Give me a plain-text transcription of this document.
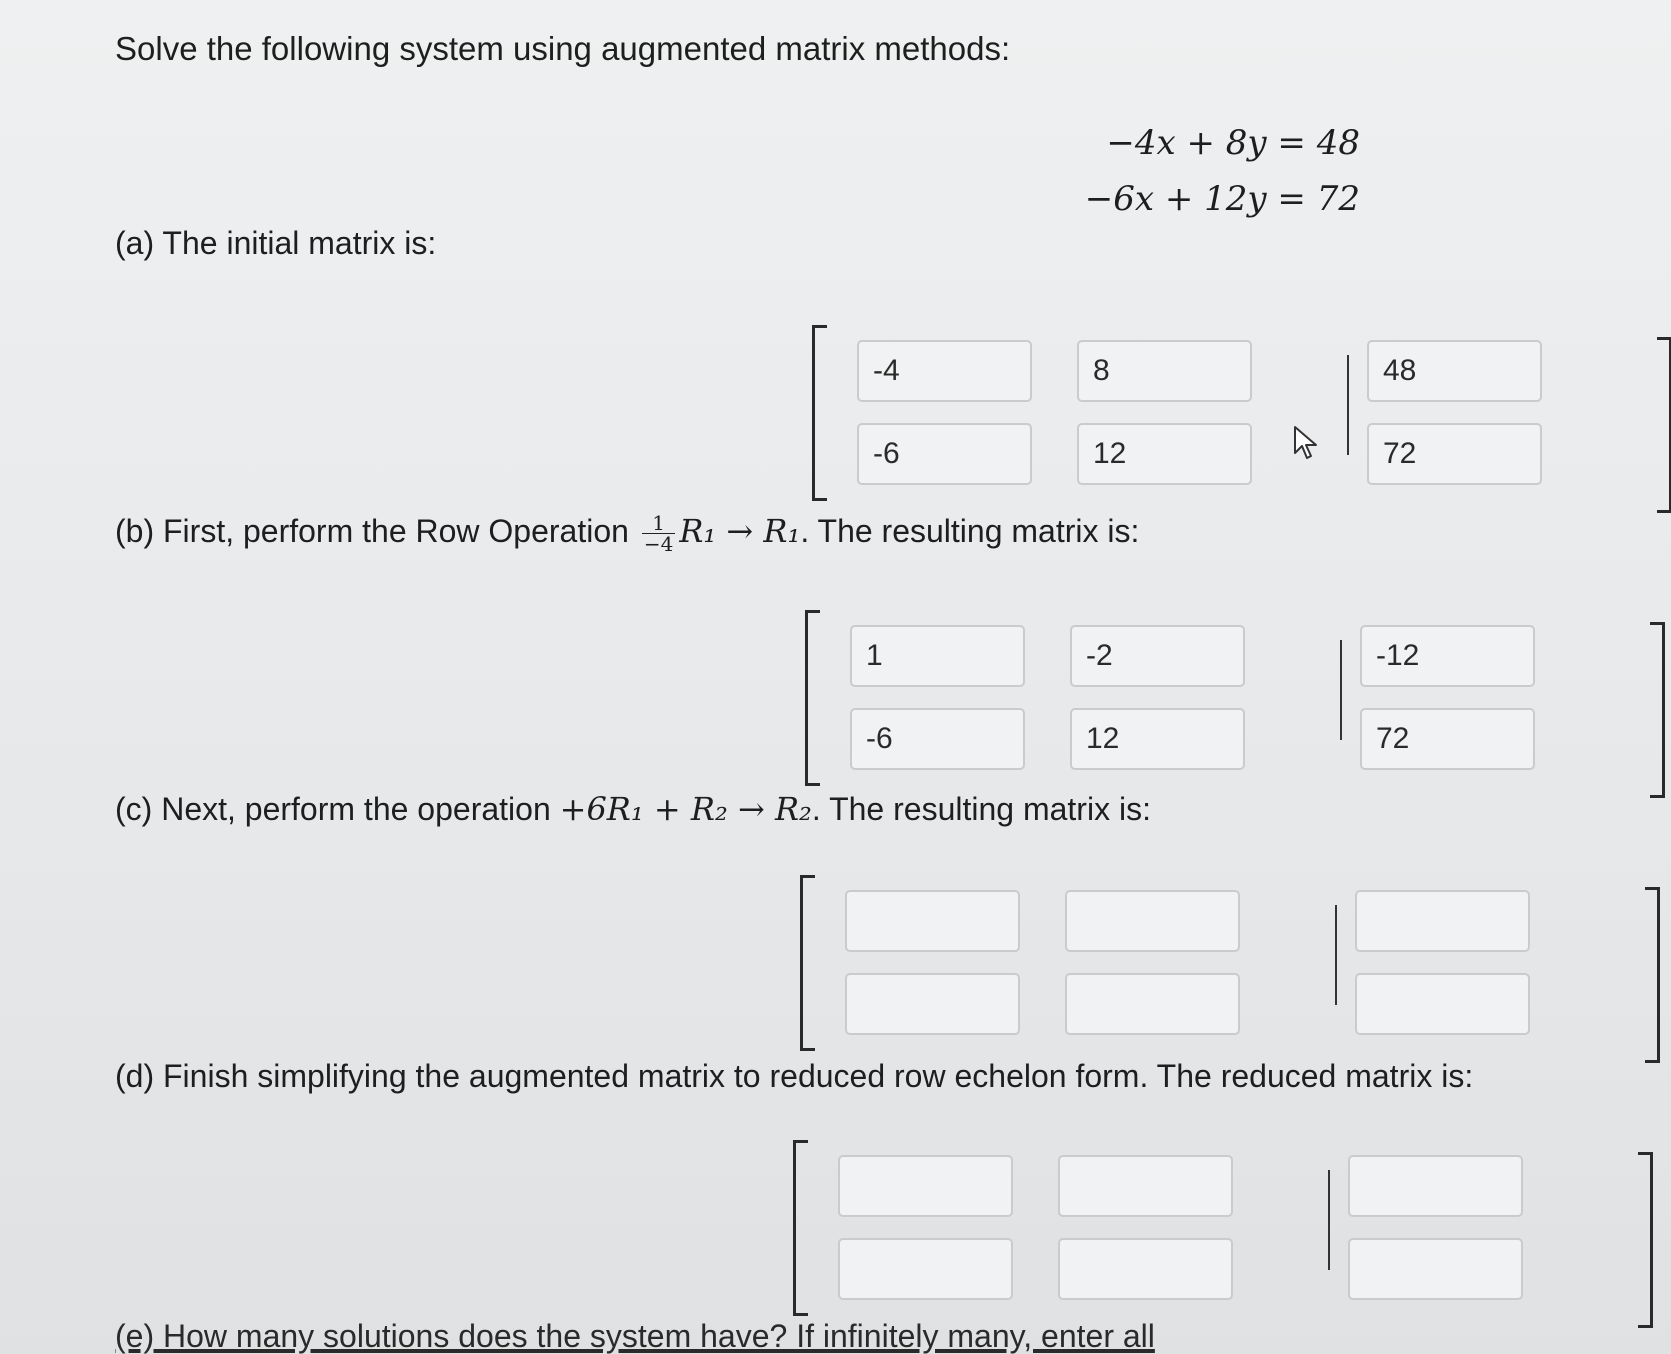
Solve the following system using augmented matrix methods:
−4x + 8y = 48
−6x + 12y = 72
(a) The initial matrix is:
-4
8
48
-6
12
72
(b) First, perform the Row Operation $\frac{1}{-4} R_1 \to R_1$. The resulting matrix is:
1
-2
-12
-6
12
72
(c) Next, perform the operation +6R₁ + R₂ → R₂. The resulting matrix is:
(d) Finish simplifying the augmented matrix to reduced row echelon form. The reduced matrix is:
(e) How many solutions does the system have? If infinitely many, enter all
